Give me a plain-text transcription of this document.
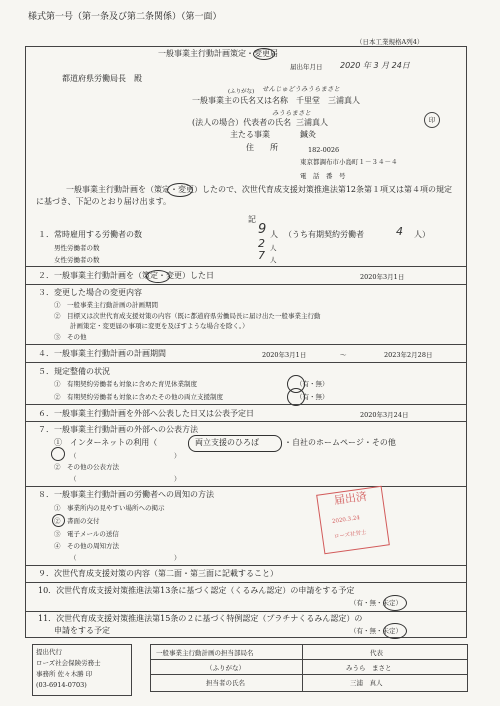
様式第一号（第一条及び第二条関係）（第一面）
（日本工業規格A列4）
一般事業主行動計画策定・変更届
届出年月日 2020 年 3 月 24日
都道府県労働局長　殿
(ふりがな) せんじゅどうみうらまさと
一般事業主の氏名又は名称 千里堂　三浦真人
みうらまさと
(法人の場合）代表者の氏名 三浦真人	印
主たる事業	鍼灸
住　　所	182-0026
東京都調布市小島町１－３４－４
電　話　番　号
一般事業主行動計画を（策定・変更）したので、次世代育成支援対策推進法第12条第１項又は第４項の規定に基づき、下記のとおり届け出ます。
記
１．常時雇用する労働者の数	9 人 （うち有期契約労働者	4 人）
男性労働者の数	2 人
女性労働者の数	7 人
２．一般事業主行動計画を（策定・変更）した日	2020年3月1日
３．変更した場合の変更内容
①　一般事業主行動計画の計画期間
②　目標又は次世代育成支援対策の内容（既に都道府県労働局長に届け出た一般事業主行動
計画策定・変更届の事項に変更を及ぼすような場合を除く。）
③　その他
４．一般事業主行動計画の計画期間	2020年3月1日	～	2023年2月28日
５．規定整備の状況
①　有期契約労働者も対象に含めた育児休業制度	（有・無）
②　有期契約労働者も対象に含めたその他の両立支援制度	（有・無）
６．一般事業主行動計画を外部へ公表した日又は公表予定日	2020年3月24日
７．一般事業主行動計画の外部への公表方法
①　インターネットの利用（	両立支援のひろば	・自社のホームページ・その他
（　　　　　　　　　　　　　　　）
②　その他の公表方法
（　　　　　　　　　　　　　　　）
８．一般事業主行動計画の労働者への周知の方法
①　事業所内の見やすい場所への掲示
②　書面の交付
③　電子メールの送信
④　その他の周知方法
（　　　　　　　　　　　　　　　）
届出済
2020.3.24
ローズ社労士
９．次世代育成支援対策の内容（第二面・第三面に記載すること）
10．次世代育成支援対策推進法第13条に基づく認定（くるみん認定）の申請をする予定
（有・無・未定）
11．次世代育成支援対策推進法第15条の２に基づく特例認定（プラチナくるみん認定）の
申請をする予定	（有・無・未定）
提出代行
ローズ社会保険労務士
事務所 佐々木勝 印
(03-6914-0703)
一般事業主行動計画の担当部局名	代表
（ふりがな）	みうら　まさと
担当者の氏名	三浦　真人
